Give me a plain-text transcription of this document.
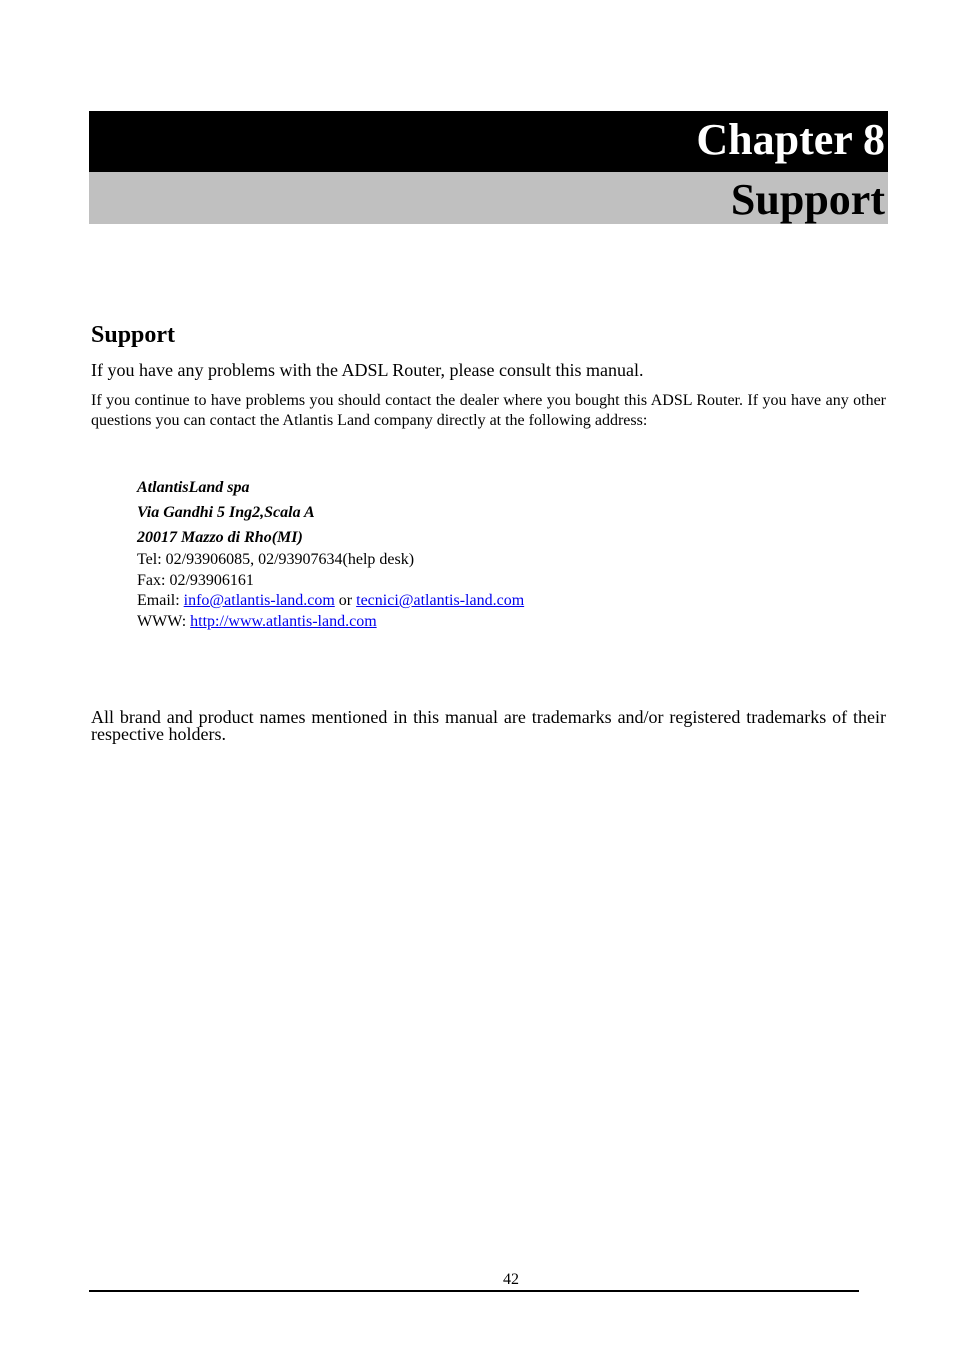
Chapter 8
Support
Support

If you have any problems with the ADSL Router, please consult this manual.

If you continue to have problems you should contact the dealer where you bought this ADSL Router. If you have any other questions you can contact the Atlantis Land company directly at the following address:

AtlantisLand spa
Via Gandhi 5 Ing2,Scala A
20017 Mazzo di Rho(MI)
Tel: 02/93906085, 02/93907634(help desk)
Fax: 02/93906161
Email: info@atlantis-land.com or tecnici@atlantis-land.com
WWW: http://www.atlantis-land.com

All brand and product names mentioned in this manual are trademarks and/or registered trademarks of their respective holders.

42
